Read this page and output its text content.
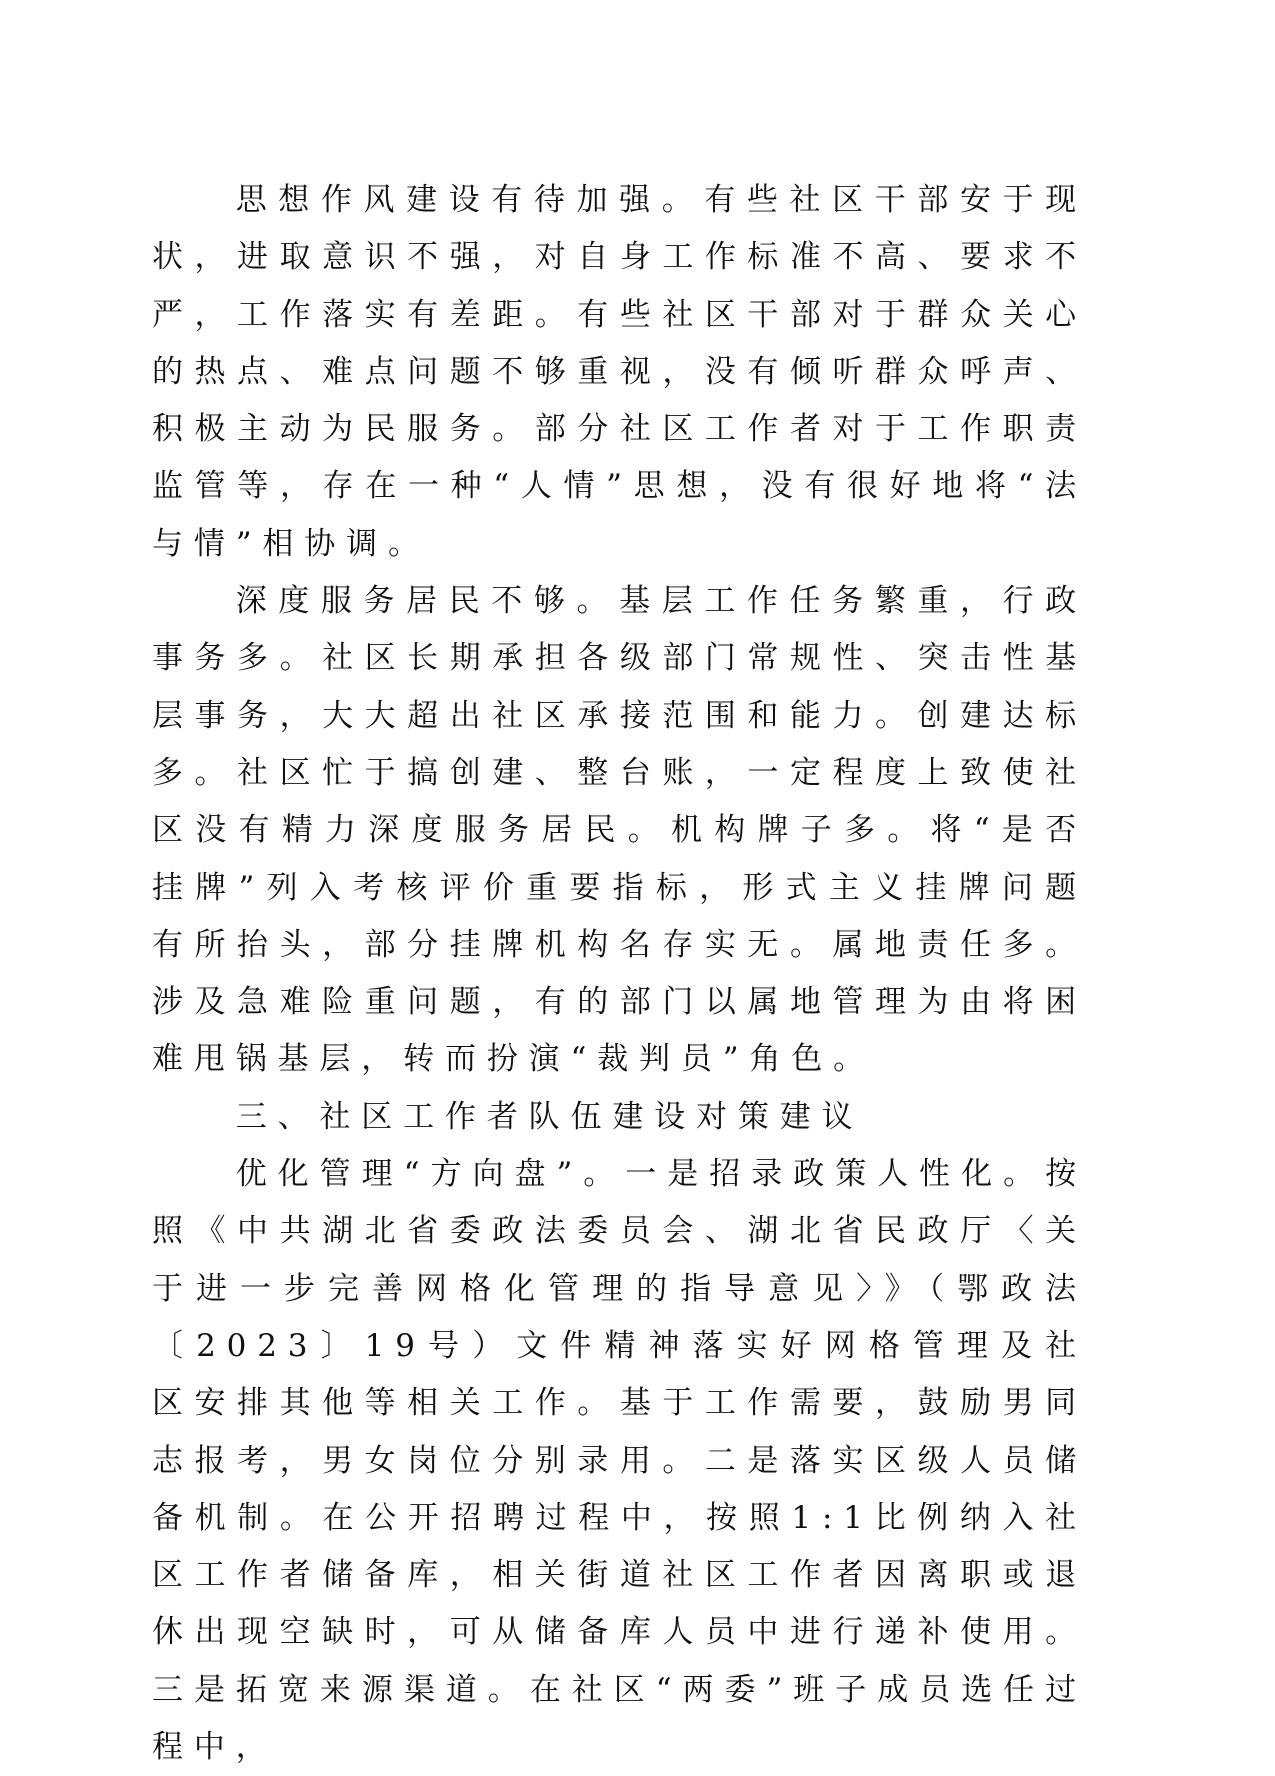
思想作风建设有待加强。有些社区干部安于现状，进取意识不强，对自身工作标准不高、要求不严，工作落实有差距。有些社区干部对于群众关心的热点、难点问题不够重视，没有倾听群众呼声、积极主动为民服务。部分社区工作者对于工作职责监管等，存在一种“人情”思想，没有很好地将“法与情”相协调。

深度服务居民不够。基层工作任务繁重，行政事务多。社区长期承担各级部门常规性、突击性基层事务，大大超出社区承接范围和能力。创建达标多。社区忙于搞创建、整台账，一定程度上致使社区没有精力深度服务居民。机构牌子多。将“是否挂牌”列入考核评价重要指标，形式主义挂牌问题有所抬头，部分挂牌机构名存实无。属地责任多。涉及急难险重问题，有的部门以属地管理为由将困难甩锅基层，转而扮演“裁判员”角色。

三、社区工作者队伍建设对策建议

优化管理“方向盘”。一是招录政策人性化。按照《中共湖北省委政法委员会、湖北省民政厅〈关于进一步完善网格化管理的指导意见〉》（鄂政法〔2023〕19号）文件精神落实好网格管理及社区安排其他等相关工作。基于工作需要，鼓励男同志报考，男女岗位分别录用。二是落实区级人员储备机制。在公开招聘过程中，按照1:1比例纳入社区工作者储备库，相关街道社区工作者因离职或退休出现空缺时，可从储备库人员中进行递补使用。三是拓宽来源渠道。在社区“两委”班子成员选任过程中，
